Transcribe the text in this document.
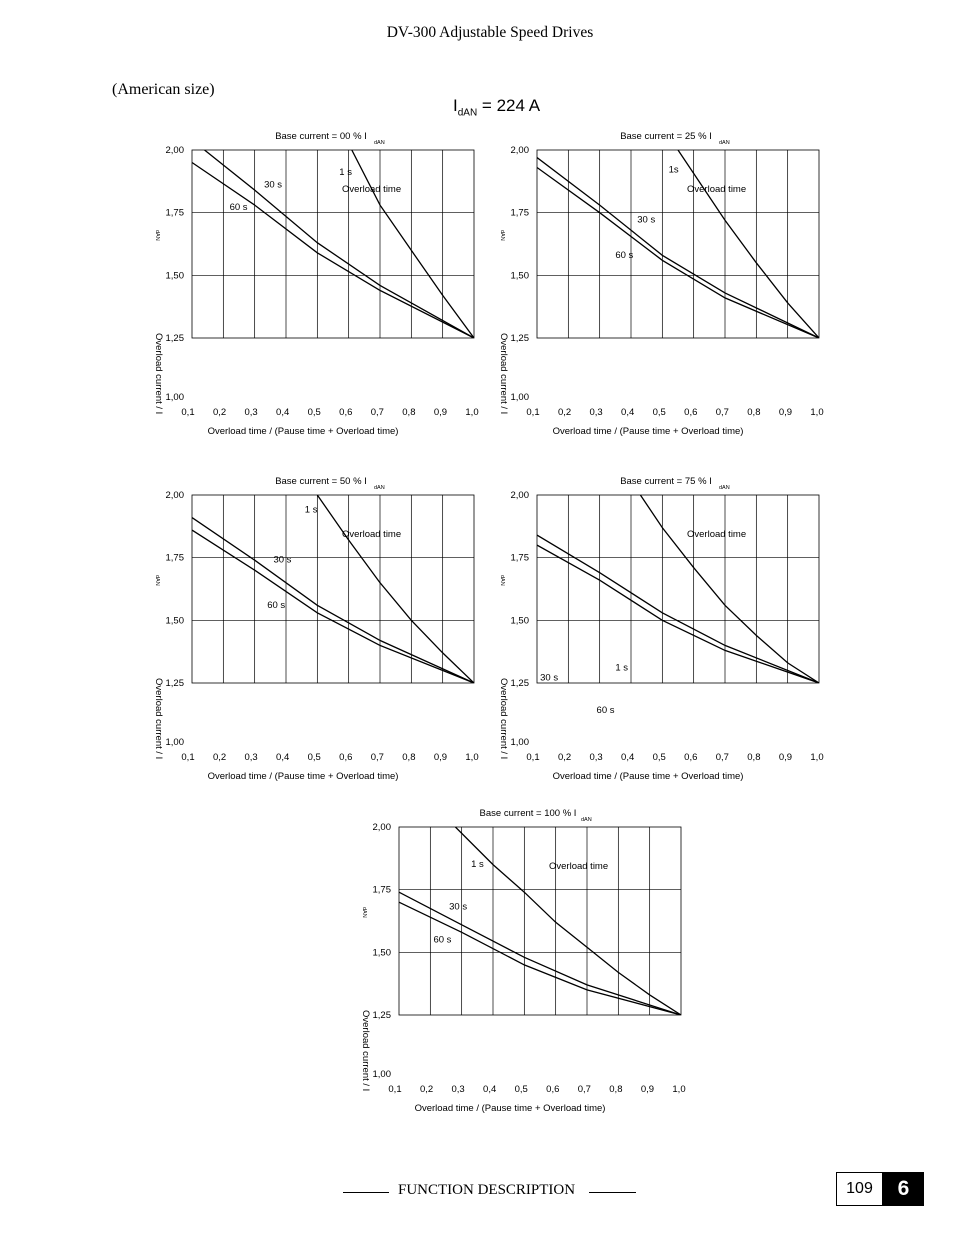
DV-300 Adjustable Speed Drives
(American size)
$I_{dAN} = 224$ A
Base current = 00 % I
dAN
2,00
1,75
1,50
1,25
1,00
0,1 0,2 0,3 0,4 0,5 0,6 0,7 0,8 0,9 1,0
Overload time / (Pause time + Overload time)
Overload current / I
dAN
1 s
30 s
60 s
Overload time
Base current = 25 % I
dAN
2,00
1,75
1,50
1,25
1,00
0,1 0,2 0,3 0,4 0,5 0,6 0,7 0,8 0,9 1,0
Overload time / (Pause time + Overload time)
Overload current / I
dAN
1s
30 s
60 s
Overload time
Base current = 50 % I
dAN
2,00
1,75
1,50
1,25
1,00
0,1 0,2 0,3 0,4 0,5 0,6 0,7 0,8 0,9 1,0
Overload time / (Pause time + Overload time)
Overload current / I
dAN
1 s
30 s
60 s
Overload time
Base current = 75 % I
dAN
2,00
1,75
1,50
1,25
1,00
0,1 0,2 0,3 0,4 0,5 0,6 0,7 0,8 0,9 1,0
Overload time / (Pause time + Overload time)
Overload current / I
dAN
1 s
30 s
60 s
Overload time
Base current = 100 % I
dAN
2,00
1,75
1,50
1,25
1,00
0,1 0,2 0,3 0,4 0,5 0,6 0,7 0,8 0,9 1,0
Overload time / (Pause time + Overload time)
Overload current / I
dAN
1 s
30 s
60 s
Overload time
FUNCTION DESCRIPTION	109	6
